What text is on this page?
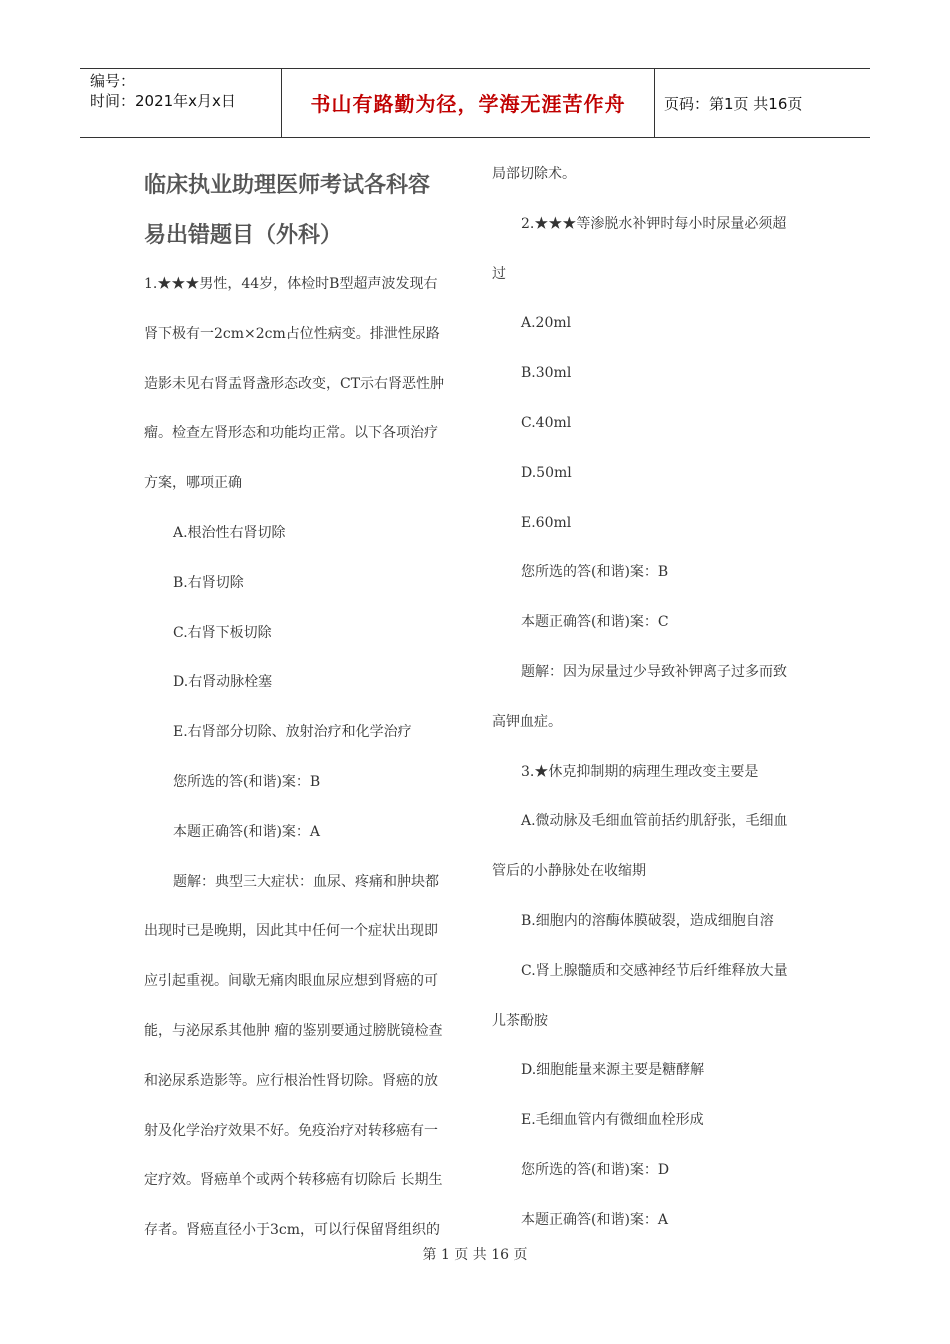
编号：
时间：2021年x月x日	书山有路勤为径，学海无涯苦作舟	页码：第1页 共16页
临床执业助理医师考试各科容
易出错题目（外科）
1.★★★男性，44岁，体检时B型超声波发现右
肾下极有一2cm×2cm占位性病变。排泄性尿路
造影未见右肾盂肾盏形态改变，CT示右肾恶性肿
瘤。检查左肾形态和功能均正常。以下各项治疗
方案，哪项正确
A.根治性右肾切除
B.右肾切除
C.右肾下板切除
D.右肾动脉栓塞
E.右肾部分切除、放射治疗和化学治疗
您所选的答(和谐)案：B
本题正确答(和谐)案：A
题解：典型三大症状：血尿、疼痛和肿块都
出现时已是晚期，因此其中任何一个症状出现即
应引起重视。间歇无痛肉眼血尿应想到肾癌的可
能，与泌尿系其他肿 瘤的鉴别要通过膀胱镜检查
和泌尿系造影等。应行根治性肾切除。肾癌的放
射及化学治疗效果不好。免疫治疗对转移癌有一
定疗效。肾癌单个或两个转移癌有切除后 长期生
存者。肾癌直径小于3cm，可以行保留肾组织的
局部切除术。
2.★★★等渗脱水补钾时每小时尿量必须超
过
A.20ml
B.30ml
C.40ml
D.50ml
E.60ml
您所选的答(和谐)案：B
本题正确答(和谐)案：C
题解：因为尿量过少导致补钾离子过多而致
高钾血症。
3.★休克抑制期的病理生理改变主要是
A.微动脉及毛细血管前括约肌舒张，毛细血
管后的小静脉处在收缩期
B.细胞内的溶酶体膜破裂，造成细胞自溶
C.肾上腺髓质和交感神经节后纤维释放大量
儿茶酚胺
D.细胞能量来源主要是糖酵解
E.毛细血管内有微细血栓形成
您所选的答(和谐)案：D
本题正确答(和谐)案：A
第 1 页 共 16 页
